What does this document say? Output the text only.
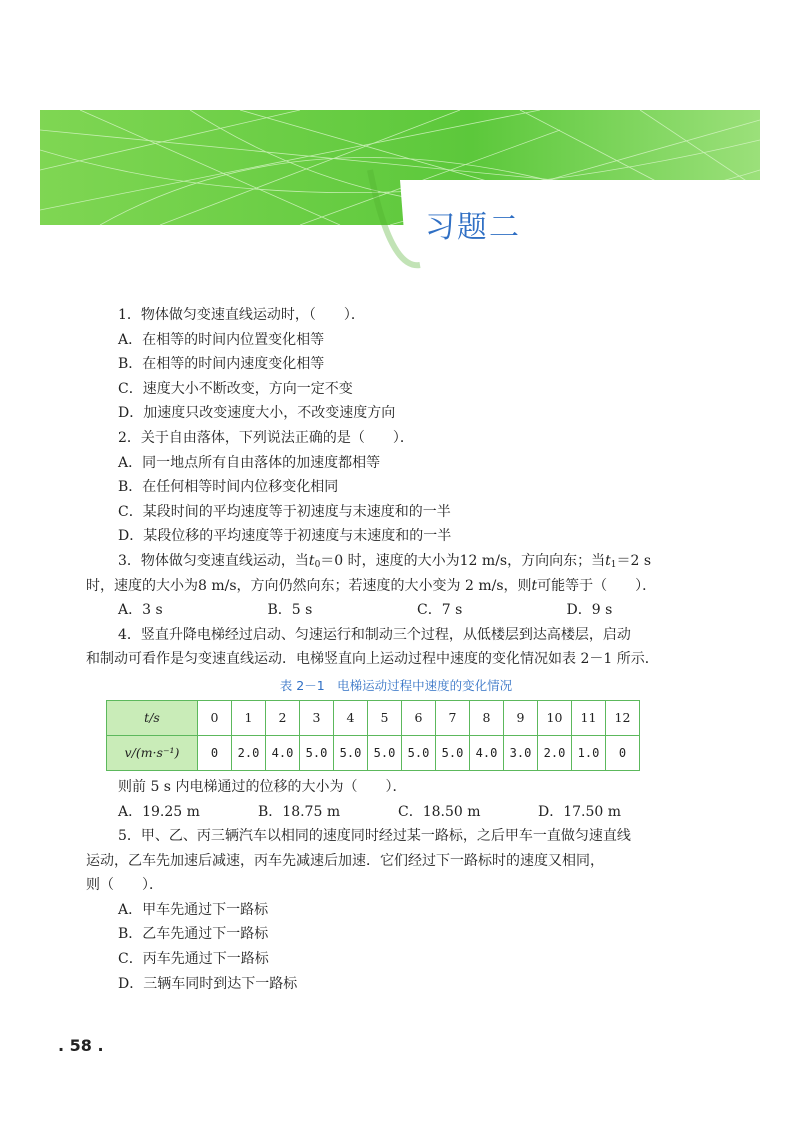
习题二
1．物体做匀变速直线运动时，（　　）．
A．在相等的时间内位置变化相等
B．在相等的时间内速度变化相等
C．速度大小不断改变，方向一定不变
D．加速度只改变速度大小，不改变速度方向
2．关于自由落体，下列说法正确的是（　　）．
A．同一地点所有自由落体的加速度都相等
B．在任何相等时间内位移变化相同
C．某段时间的平均速度等于初速度与末速度和的一半
D．某段位移的平均速度等于初速度与末速度和的一半
3．物体做匀变速直线运动，当$t_0=0$ 时，速度的大小为12 m/s，方向向东；当$t_1=2$ s
时，速度的大小为8 m/s，方向仍然向东；若速度的大小变为 2 m/s，则t可能等于（　　）．
A．3 s	B．5 s	C．7 s	D．9 s
4．竖直升降电梯经过启动、匀速运行和制动三个过程，从低楼层到达高楼层，启动
和制动可看作是匀变速直线运动．电梯竖直向上运动过程中速度的变化情况如表 2－1 所示．
表 2－1　电梯运动过程中速度的变化情况
t/s	0	1	2	3	4	5	6	7	8	9	10	11	12
v/(m·s⁻¹)	0	2.0	4.0	5.0	5.0	5.0	5.0	5.0	4.0	3.0	2.0	1.0	0
则前 5 s 内电梯通过的位移的大小为（　　）．
A．19.25 m	B．18.75 m	C．18.50 m	D．17.50 m
5．甲、乙、丙三辆汽车以相同的速度同时经过某一路标，之后甲车一直做匀速直线
运动，乙车先加速后减速，丙车先减速后加速．它们经过下一路标时的速度又相同，
则（　　）．
A．甲车先通过下一路标
B．乙车先通过下一路标
C．丙车先通过下一路标
D．三辆车同时到达下一路标
. 58 .
